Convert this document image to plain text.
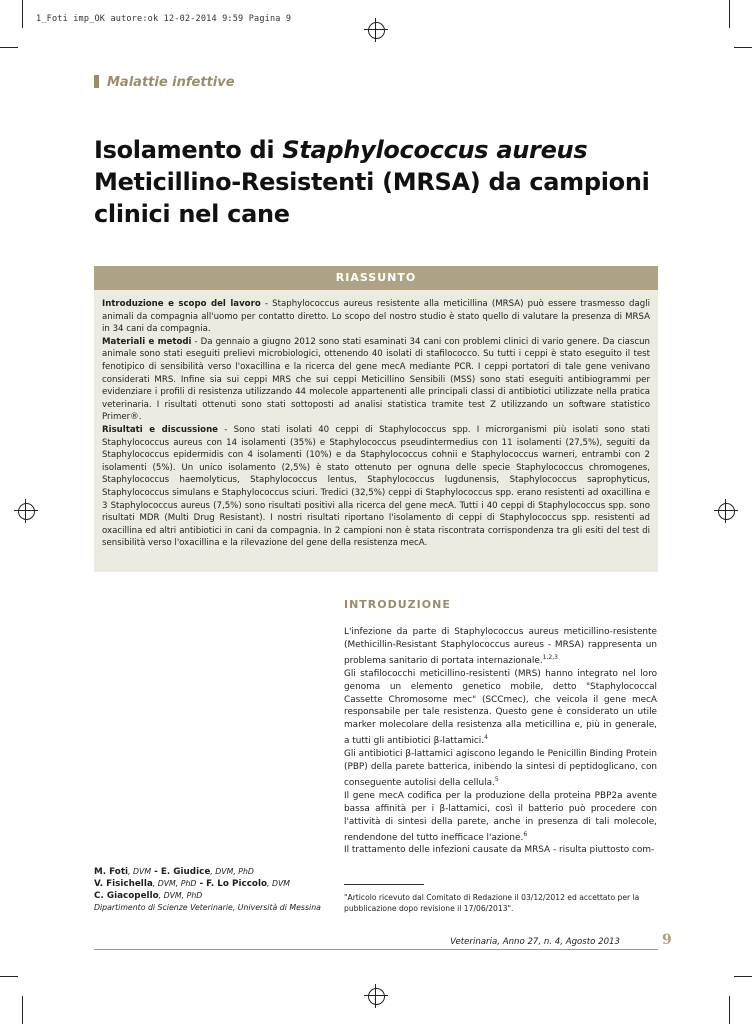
1_Foti imp_OK autore:ok 12-02-2014 9:59 Pagina 9
Malattie infettive
Isolamento di Staphylococcus aureus
Meticillino-Resistenti (MRSA) da campioni clinici nel cane
RIASSUNTO

Introduzione e scopo del lavoro - Staphylococcus aureus resistente alla meticillina (MRSA) può essere trasmesso dagli animali da compagnia all'uomo per contatto diretto. Lo scopo del nostro studio è stato quello di valutare la presenza di MRSA in 34 cani da compagnia.

Materiali e metodi - Da gennaio a giugno 2012 sono stati esaminati 34 cani con problemi clinici di vario genere. Da ciascun animale sono stati eseguiti prelievi microbiologici, ottenendo 40 isolati di stafilococco. Su tutti i ceppi è stato eseguito il test fenotipico di sensibilità verso l'oxacillina e la ricerca del gene mecA mediante PCR. I ceppi portatori di tale gene venivano considerati MRS. Infine sia sui ceppi MRS che sui ceppi Meticillino Sensibili (MSS) sono stati eseguiti antibiogrammi per evidenziare i profili di resistenza utilizzando 44 molecole appartenenti alle principali classi di antibiotici utilizzate nella pratica veterinaria. I risultati ottenuti sono stati sottoposti ad analisi statistica tramite test Z utilizzando un software statistico Primer®.

Risultati e discussione - Sono stati isolati 40 ceppi di Staphylococcus spp. I microrganismi più isolati sono stati Staphylococcus aureus con 14 isolamenti (35%) e Staphylococcus pseudintermedius con 11 isolamenti (27,5%), seguiti da Staphylococcus epidermidis con 4 isolamenti (10%) e da Staphylococcus cohnii e Staphylococcus warneri, entrambi con 2 isolamenti (5%). Un unico isolamento (2,5%) è stato ottenuto per ognuna delle specie Staphylococcus chromogenes, Staphylococcus haemolyticus, Staphylococcus lentus, Staphylococcus lugdunensis, Staphylococcus saprophyticus, Staphylococcus simulans e Staphylococcus sciuri. Tredici (32,5%) ceppi di Staphylococcus spp. erano resistenti ad oxacillina e 3 Staphylococcus aureus (7,5%) sono risultati positivi alla ricerca del gene mecA. Tutti i 40 ceppi di Staphylococcus spp. sono risultati MDR (Multi Drug Resistant). I nostri risultati riportano l'isolamento di ceppi di Staphylococcus spp. resistenti ad oxacillina ed altri antibiotici in cani da compagnia. In 2 campioni non è stata riscontrata corrispondenza tra gli esiti del test di sensibilità verso l'oxacillina e la rilevazione del gene della resistenza mecA.

INTRODUZIONE

L'infezione da parte di Staphylococcus aureus meticillino-resistente (Methicillin-Resistant Staphylococcus aureus - MRSA) rappresenta un problema sanitario di portata internazionale.$^{1,2,3}$

Gli stafilococchi meticillino-resistenti (MRS) hanno integrato nel loro genoma un elemento genetico mobile, detto "Staphylococcal Cassette Chromosome mec" (SCCmec), che veicola il gene mecA responsabile per tale resistenza. Questo gene è considerato un utile marker molecolare della resistenza alla meticillina e, più in generale, a tutti gli antibiotici β-lattamici.$^4$

Gli antibiotici β-lattamici agiscono legando le Penicillin Binding Protein (PBP) della parete batterica, inibendo la sintesi di peptidoglicano, con conseguente autolisi della cellula.$^5$

Il gene mecA codifica per la produzione della proteina PBP2a avente bassa affinità per i β-lattamici, così il batterio può procedere con l'attività di sintesi della parete, anche in presenza di tali molecole, rendendone del tutto inefficace l'azione.$^6$

Il trattamento delle infezioni causate da MRSA - risulta piuttosto com-

M. Foti, DVM - E. Giudice, DVM, PhD
V. Fisichella, DVM, PhD - F. Lo Piccolo, DVM
C. Giacopello, DVM, PhD
Dipartimento di Scienze Veterinarie, Università di Messina
"Articolo ricevuto dal Comitato di Redazione il 03/12/2012 ed accettato per la pubblicazione dopo revisione il 17/06/2013".
Veterinaria, Anno 27, n. 4, Agosto 2013	9
